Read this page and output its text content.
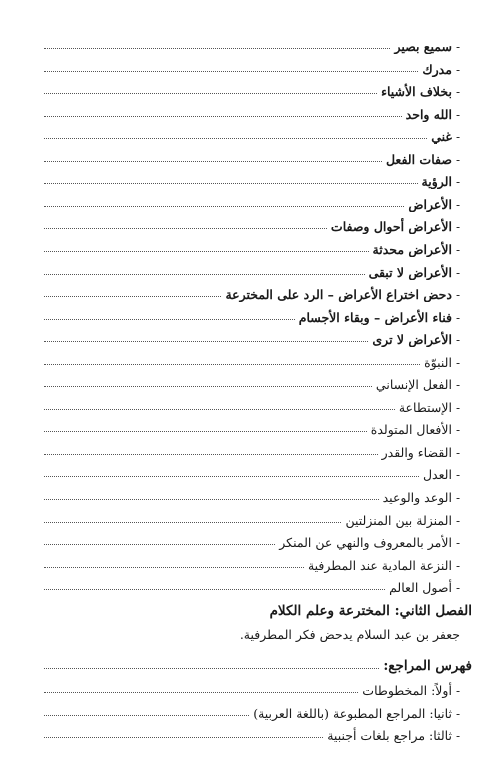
-
سميع بصير
-
مدرك
-
بخلاف الأشياء
-
الله واحد
-
غني
-
صفات الفعل
-
الرؤية
-
الأعراض
-
الأعراض أحوال وصفات
-
الأعراض محدثة
-
الأعراض لا تبقى
-
دحض اختراع الأعراض – الرد على المخترعة
-
فناء الأعراض – وبقاء الأجسام
-
الأعراض لا ترى
-
النبوّة
-
الفعل الإنساني
-
الإستطاعة
-
الأفعال المتولدة
-
القضاء والقدر
-
العدل
-
الوعد والوعيد
-
المنزلة بين المنزلتين
-
الأمر بالمعروف والنهي عن المنكر
-
النزعة المادية عند المطرفية
-
أصول العالم
الفصل الثاني: المخترعة وعلم الكلام
جعفر بن عبد السلام يدحض فكر المطرفية.
فهرس المراجع:
-
أولاً: المخطوطات
-
ثانيا: المراجع المطبوعة (باللغة العربية)
-
ثالثا: مراجع بلغات أجنبية
